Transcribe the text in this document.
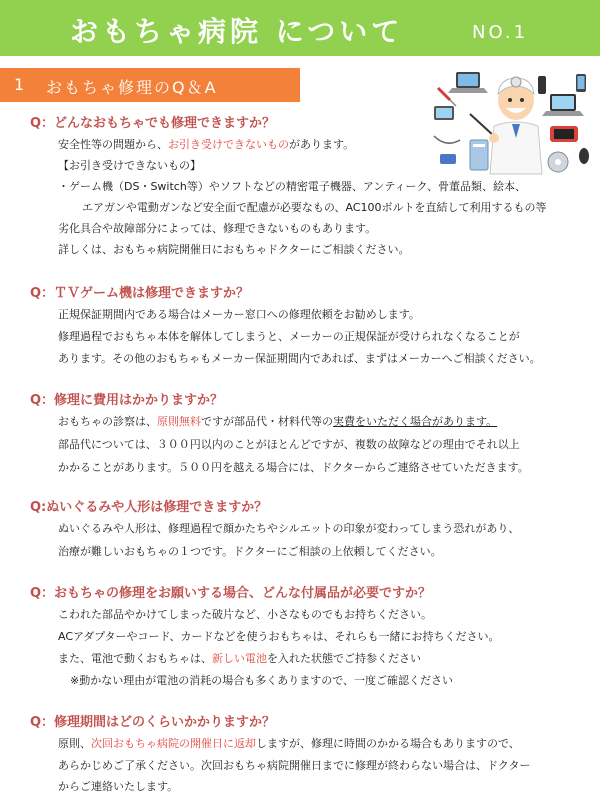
おもちゃ病院 について	NO.1
1 おもちゃ修理のQ＆A
Q：どんなおもちゃでも修理できますか？
安全性等の問題から、お引き受けできないものがあります。
【お引き受けできないもの】
・ゲーム機（DS・Switch等）やソフトなどの精密電子機器、アンティーク、骨董品類、絵本、
エアガンや電動ガンなど安全面で配慮が必要なもの、AC100ボルトを直結して利用するもの等
劣化具合や故障部分によっては、修理できないものもあります。
詳しくは、おもちゃ病院開催日におもちゃドクターにご相談ください。
Q：ＴＶゲーム機は修理できますか？
正規保証期間内である場合はメーカー窓口への修理依頼をお勧めします。
修理過程でおもちゃ本体を解体してしまうと、メーカーの正規保証が受けられなくなることが
あります。その他のおもちゃもメーカー保証期間内であれば、まずはメーカーへご相談ください。
Q：修理に費用はかかりますか？
おもちゃの診察は、原則無料ですが部品代・材料代等の実費をいただく場合があります。
部品代については、３００円以内のことがほとんどですが、複数の故障などの理由でそれ以上
かかることがあります。５００円を越える場合には、ドクターからご連絡させていただきます。
Q:ぬいぐるみや人形は修理できますか？
ぬいぐるみや人形は、修理過程で顔かたちやシルエットの印象が変わってしまう恐れがあり、
治療が難しいおもちゃの１つです。ドクターにご相談の上依頼してください。
Q：おもちゃの修理をお願いする場合、どんな付属品が必要ですか？
こわれた部品やかけてしまった破片など、小さなものでもお持ちください。
ACアダプターやコード、カードなどを使うおもちゃは、それらも一緒にお持ちください。
また、電池で動くおもちゃは、新しい電池を入れた状態でご持参ください
※動かない理由が電池の消耗の場合も多くありますので、一度ご確認ください
Q：修理期間はどのくらいかかりますか？
原則、次回おもちゃ病院の開催日に返却しますが、修理に時間のかかる場合もありますので、
あらかじめご了承ください。次回おもちゃ病院開催日までに修理が終わらない場合は、ドクター
からご連絡いたします。
